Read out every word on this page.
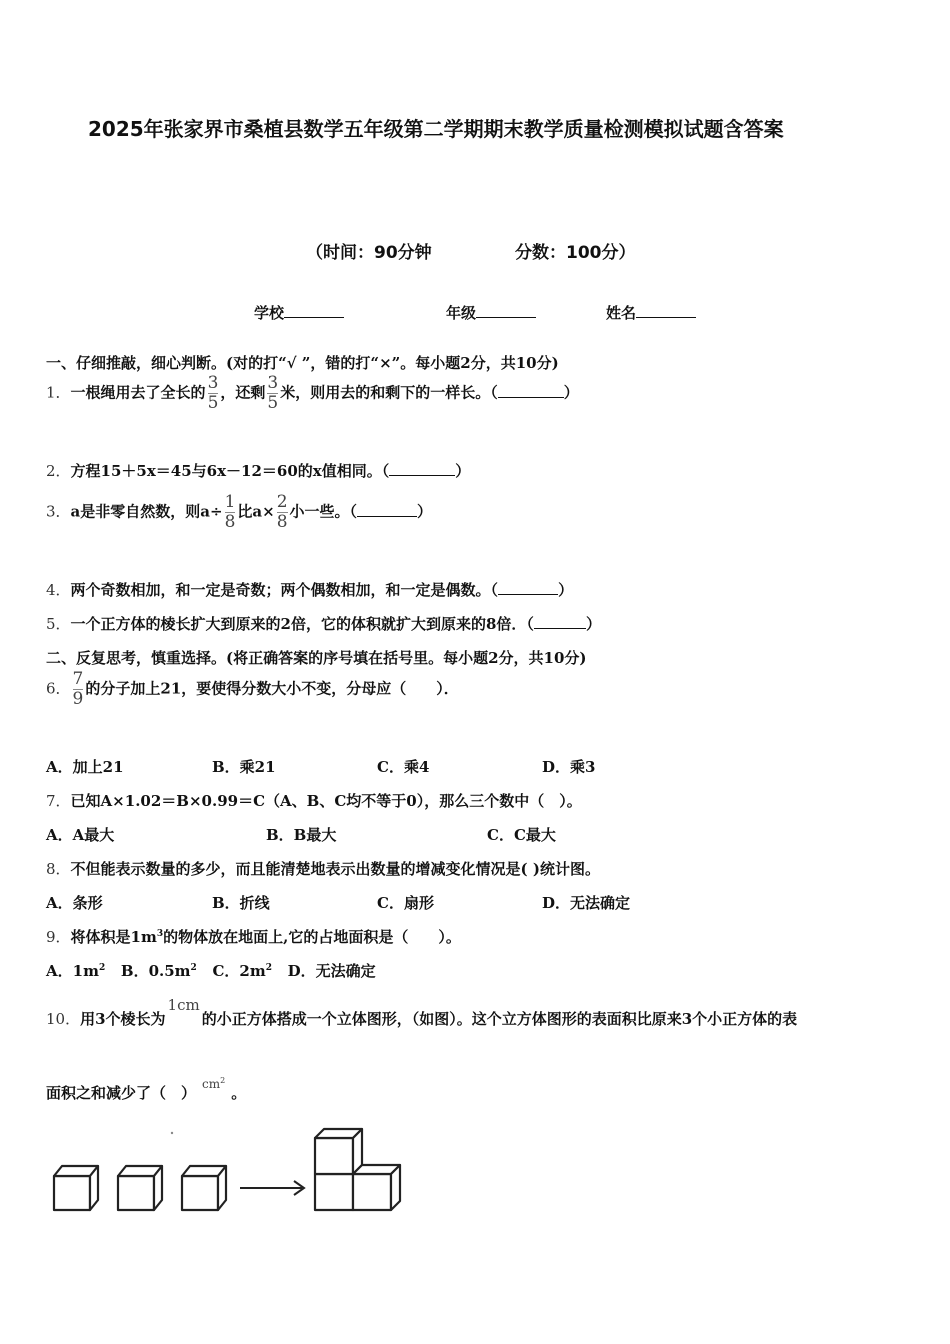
2025年张家界市桑植县数学五年级第二学期期末教学质量检测模拟试题含答案
（时间：90分钟	分数：100分）
学校	年级	姓名
一、仔细推敲，细心判断。(对的打“√ ”，错的打“×”。每小题2分，共10分)
1．一根绳用去了全长的 $\frac{3}{5}$ ，还剩 $\frac{3}{5}$ 米，则用去的和剩下的一样长。（	）
2．方程15＋5x＝45与6x－12＝60的x值相同。（	）
3．a是非零自然数，则$a\div \frac{1}{8}$ 比$a\times \frac{2}{8}$ 小一些。（	）
4．两个奇数相加，和一定是奇数；两个偶数相加，和一定是偶数。（	）
5．一个正方体的棱长扩大到原来的2倍，它的体积就扩大到原来的8倍．（	）
二、反复思考，慎重选择。(将正确答案的序号填在括号里。每小题2分，共10分)
6． $\frac{7}{9}$ 的分子加上21，要使得分数大小不变，分母应（　　）．
A．加上21	B．乘21	C．乘4	D．乘3
7．已知A×1.02＝B×0.99＝C（A、B、C均不等于0），那么三个数中（　）。
A．A最大	B．B最大	C．C最大
8．不但能表示数量的多少，而且能清楚地表示出数量的增减变化情况是( )统计图。
A．条形	B．折线	C．扇形	D．无法确定
9．将体积是$1m^3$的物体放在地面上,它的占地面积是（　　）。
A．$1m^2$ B．$0.5m^2$ C．$2m^2$ D．无法确定
10．用3个棱长为1cm的小正方体搭成一个立体图形，（如图）。这个立方体图形的表面积比原来3个小正方体的表
面积之和减少了（　） $^{cm^2}$。
